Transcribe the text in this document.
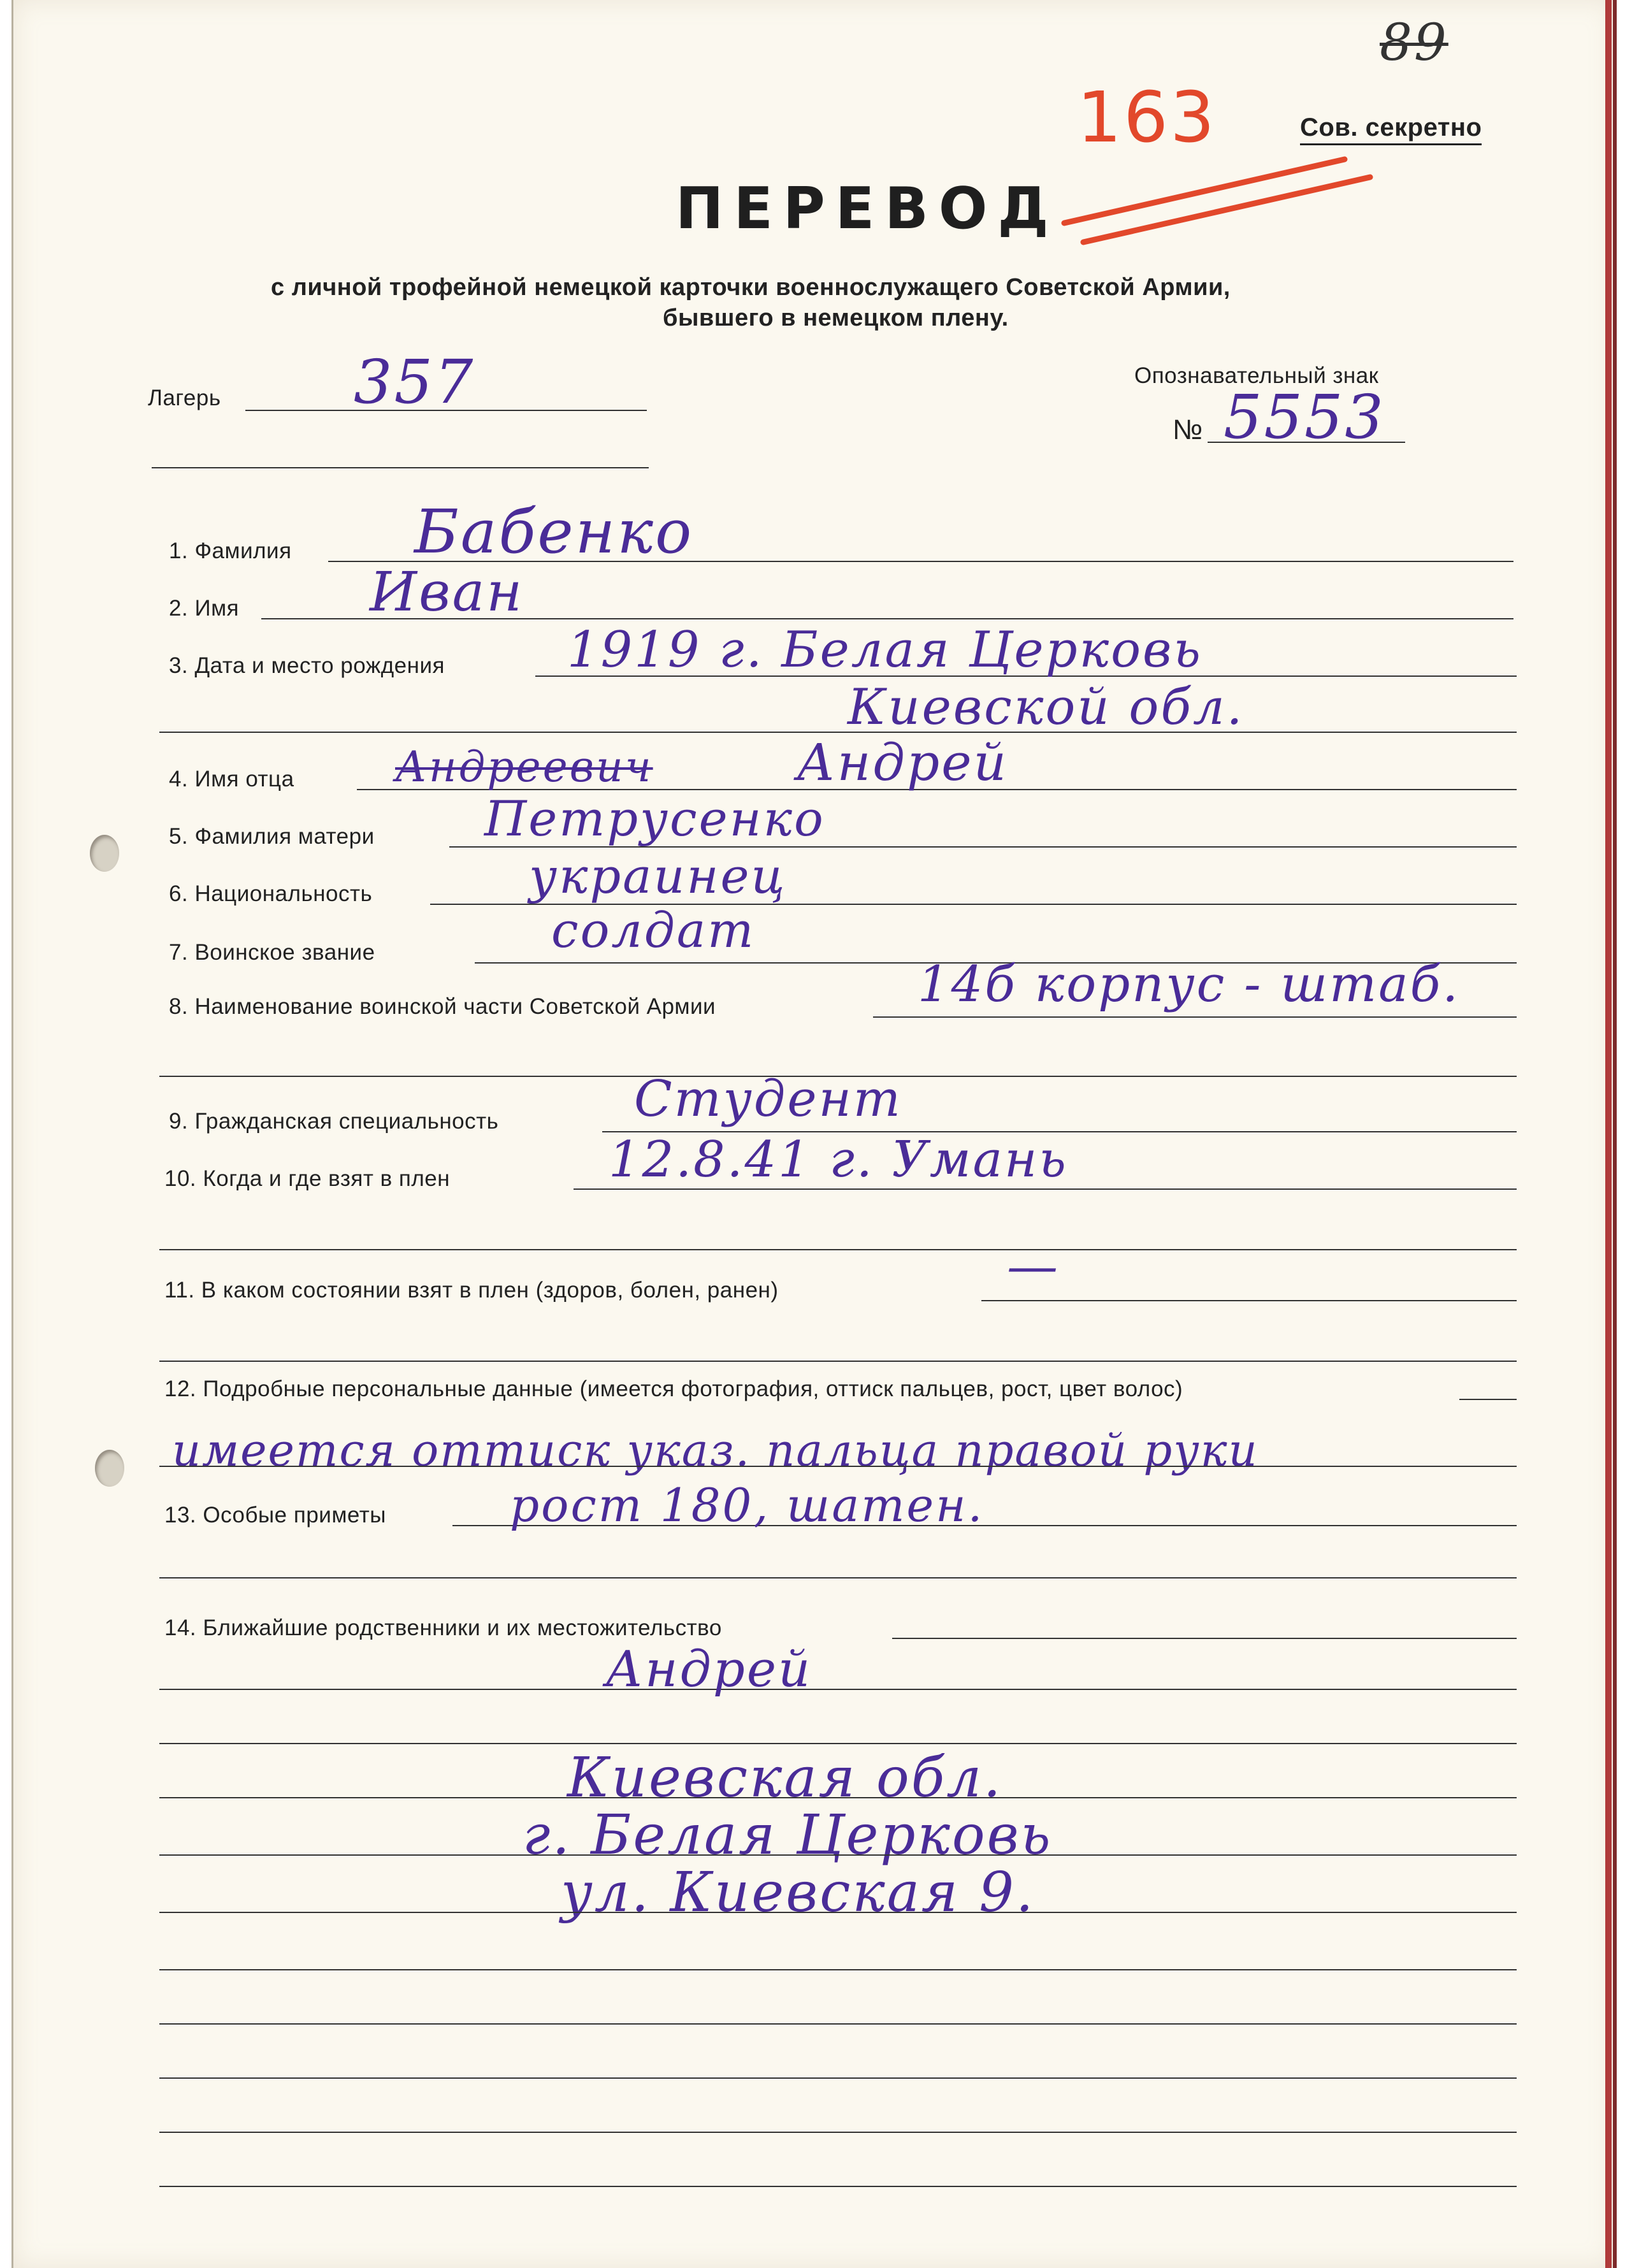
89
163	Сов. секретно
ПЕРЕВОД
с личной трофейной немецкой карточки военнослужащего Советской Армии,
бывшего в немецком плену.
Лагерь 357	Опознавательный знак
№ 5553
1. Фамилия Бабенко
2. Имя Иван
3. Дата и место рождения 1919 г. Белая Церковь
Киевской обл.
4. Имя отца Андреевич	Андрей
5. Фамилия матери Петрусенко
6. Национальность	украинец
7. Воинское звание	солдат
8. Наименование воинской части Советской Армии	14б корпус - штаб.
9. Гражданская специальность	Студент
10. Когда и где взят в плен	12.8.41 г. Умань
11. В каком состоянии взят в плен (здоров, болен, ранен)	—
12. Подробные персональные данные (имеется фотография, оттиск пальцев, рост, цвет волос)
имеется оттиск указ. пальца правой руки
13. Особые приметы	рост 180, шатен.
14. Ближайшие родственники и их местожительство
Андрей
Киевская обл.
г. Белая Церковь
ул. Киевская 9.
